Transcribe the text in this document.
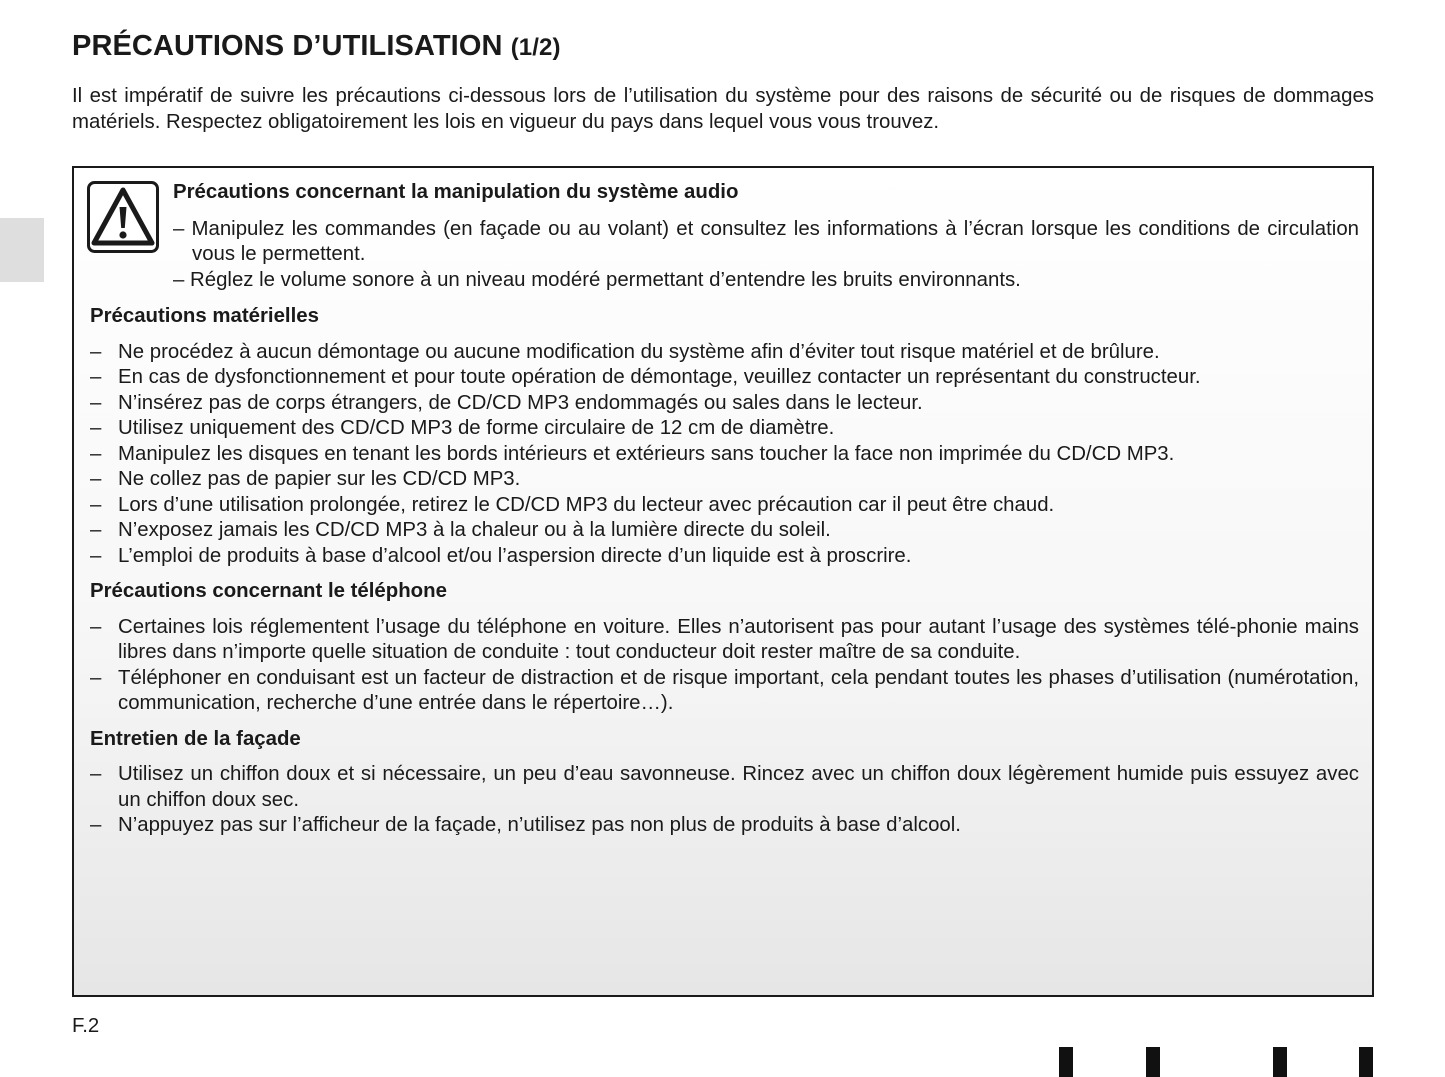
PRÉCAUTIONS D’UTILISATION (1/2)

Il est impératif de suivre les précautions ci-dessous lors de l’utilisation du système pour des raisons de sécurité ou de risques de dommages matériels. Respectez obligatoirement les lois en vigueur du pays dans lequel vous vous trouvez.

Précautions concernant la manipulation du système audio
– Manipulez les commandes (en façade ou au volant) et consultez les informations à l’écran lorsque les conditions de circulation vous le permettent.
– Réglez le volume sonore à un niveau modéré permettant d’entendre les bruits environnants.
Précautions matérielles
– Ne procédez à aucun démontage ou aucune modification du système afin d’éviter tout risque matériel et de brûlure.
– En cas de dysfonctionnement et pour toute opération de démontage, veuillez contacter un représentant du constructeur.
– N’insérez pas de corps étrangers, de CD/CD MP3 endommagés ou sales dans le lecteur.
– Utilisez uniquement des CD/CD MP3 de forme circulaire de 12 cm de diamètre.
– Manipulez les disques en tenant les bords intérieurs et extérieurs sans toucher la face non imprimée du CD/CD MP3.
– Ne collez pas de papier sur les CD/CD MP3.
– Lors d’une utilisation prolongée, retirez le CD/CD MP3 du lecteur avec précaution car il peut être chaud.
– N’exposez jamais les CD/CD MP3 à la chaleur ou à la lumière directe du soleil.
– L’emploi de produits à base d’alcool et/ou l’aspersion directe d’un liquide est à proscrire.
Précautions concernant le téléphone
– Certaines lois réglementent l’usage du téléphone en voiture. Elles n’autorisent pas pour autant l’usage des systèmes télé-phonie mains libres dans n’importe quelle situation de conduite : tout conducteur doit rester maître de sa conduite.
– Téléphoner en conduisant est un facteur de distraction et de risque important, cela pendant toutes les phases d’utilisation (numérotation, communication, recherche d’une entrée dans le répertoire…).
Entretien de la façade
– Utilisez un chiffon doux et si nécessaire, un peu d’eau savonneuse. Rincez avec un chiffon doux légèrement humide puis essuyez avec un chiffon doux sec.
– N’appuyez pas sur l’afficheur de la façade, n’utilisez pas non plus de produits à base d’alcool.
F.2
